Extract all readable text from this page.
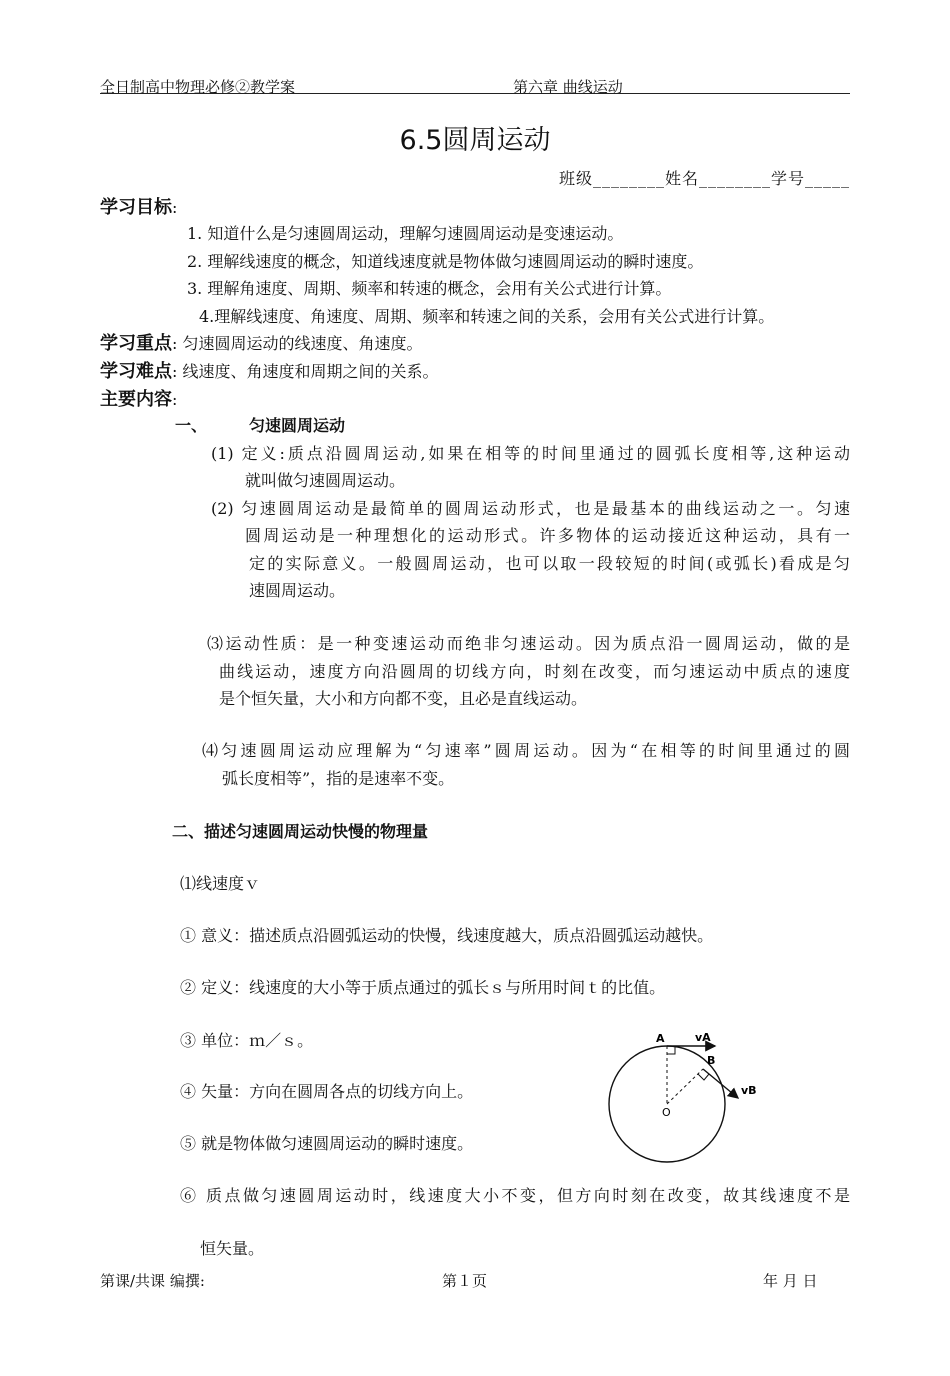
全日制高中物理必修②教学案	第六章 曲线运动
6.5圆周运动
班级________姓名________学号_____
学习目标:
1. 知道什么是匀速圆周运动，理解匀速圆周运动是变速运动。
2. 理解线速度的概念，知道线速度就是物体做匀速圆周运动的瞬时速度。
3. 理解角速度、周期、频率和转速的概念，会用有关公式进行计算。
4.理解线速度、角速度、周期、频率和转速之间的关系，会用有关公式进行计算。
学习重点: 匀速圆周运动的线速度、角速度。
学习难点: 线速度、角速度和周期之间的关系。
主要内容:
一、	匀速圆周运动
(1) 定义:质点沿圆周运动,如果在相等的时间里通过的圆弧长度相等,这种运动
就叫做匀速圆周运动。
(2) 匀速圆周运动是最简单的圆周运动形式，也是最基本的曲线运动之一。匀速
圆周运动是一种理想化的运动形式。许多物体的运动接近这种运动，具有一
定的实际意义。一般圆周运动，也可以取一段较短的时间(或弧长)看成是匀
速圆周运动。
⑶运动性质：是一种变速运动而绝非匀速运动。因为质点沿一圆周运动，做的是
曲线运动，速度方向沿圆周的切线方向，时刻在改变，而匀速运动中质点的速度
是个恒矢量，大小和方向都不变，且必是直线运动。
⑷匀速圆周运动应理解为“匀速率”圆周运动。因为“在相等的时间里通过的圆
弧长度相等”，指的是速率不变。
二、描述匀速圆周运动快慢的物理量
⑴线速度ｖ
① 意义：描述质点沿圆弧运动的快慢，线速度越大，质点沿圆弧运动越快。
② 定义：线速度的大小等于质点通过的弧长ｓ与所用时间ｔ的比值。
③ 单位：ｍ／ｓ。
④ 矢量：方向在圆周各点的切线方向上。
⑤ 就是物体做匀速圆周运动的瞬时速度。
⑥ 质点做匀速圆周运动时，线速度大小不变，但方向时刻在改变，故其线速度不是
恒矢量。
A
B
O
vA
vB
第课/共课 编撰:	第１页	年 月 日
